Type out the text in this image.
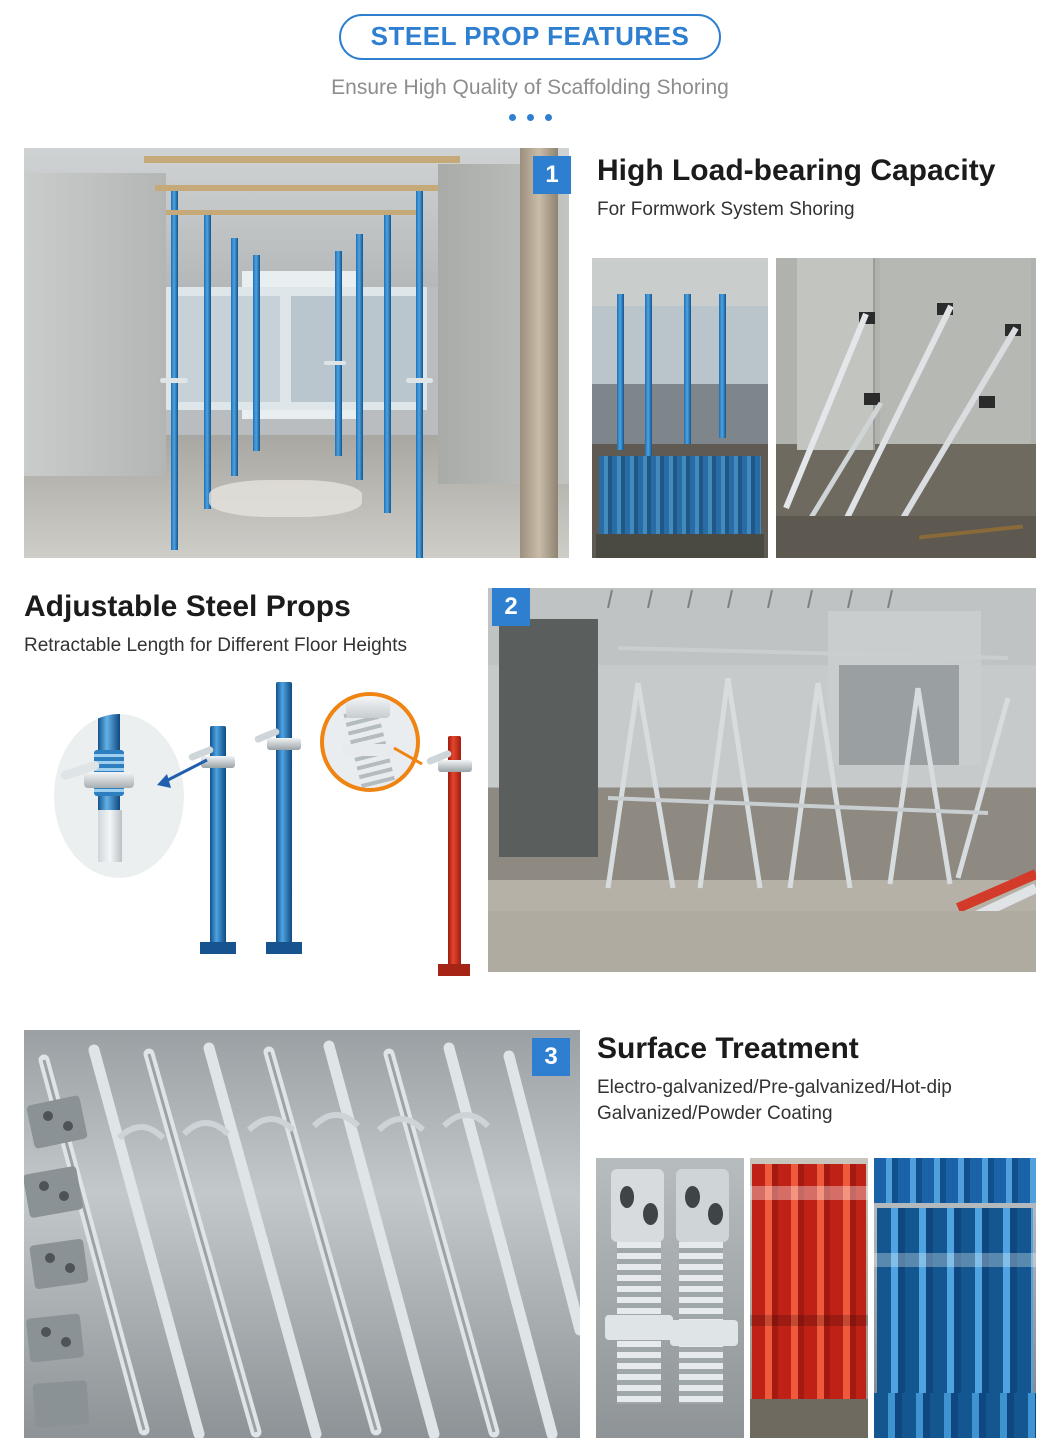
STEEL PROP FEATURES
Ensure High Quality of Scaffolding Shoring
1	High Load-bearing Capacity
For Formwork System Shoring
Adjustable Steel Props
Retractable Length for Different Floor Heights
2
3	Surface Treatment
Electro-galvanized/Pre-galvanized/Hot-dip Galvanized/Powder Coating
